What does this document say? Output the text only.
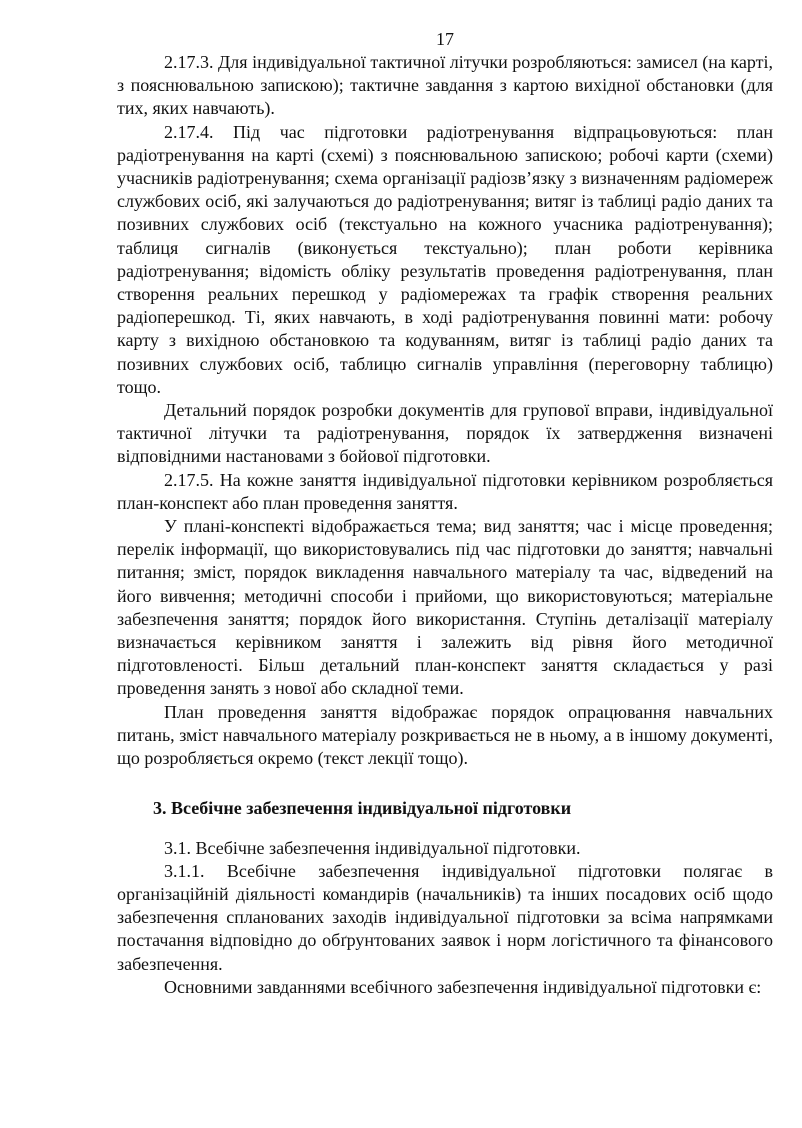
17

2.17.3. Для індивідуальної тактичної літучки розробляються: замисел (на карті, з пояснювальною запискою); тактичне завдання з картою вихідної обстановки (для тих, яких навчають).

2.17.4. Під час підготовки радіотренування відпрацьовуються: план радіотренування на карті (схемі) з пояснювальною запискою; робочі карти (схеми) учасників радіотренування; схема організації радіозв’язку з визначенням радіомереж службових осіб, які залучаються до радіотренування; витяг із таблиці радіо даних та позивних службових осіб (текстуально на кожного учасника радіотренування); таблиця сигналів (виконується текстуально); план роботи керівника радіотренування; відомість обліку результатів проведення радіотренування, план створення реальних перешкод у радіомережах та графік створення реальних радіоперешкод. Ті, яких навчають, в ході радіотренування повинні мати: робочу карту з вихідною обстановкою та кодуванням, витяг із таблиці радіо даних та позивних службових осіб, таблицю сигналів управління (переговорну таблицю) тощо.

Детальний порядок розробки документів для групової вправи, індивідуальної тактичної літучки та радіотренування, порядок їх затвердження визначені відповідними настановами з бойової підготовки.

2.17.5. На кожне заняття індивідуальної підготовки керівником розробляється план-конспект або план проведення заняття.

У плані-конспекті відображається тема; вид заняття; час і місце проведення; перелік інформації, що використовувались під час підготовки до заняття; навчальні питання; зміст, порядок викладення навчального матеріалу та час, відведений на його вивчення; методичні способи і прийоми, що використовуються; матеріальне забезпечення заняття; порядок його використання. Ступінь деталізації матеріалу визначається керівником заняття і залежить від рівня його методичної підготовленості. Більш детальний план-конспект заняття складається у разі проведення занять з нової або складної теми.

План проведення заняття відображає порядок опрацювання навчальних питань, зміст навчального матеріалу розкривається не в ньому, а в іншому документі, що розробляється окремо (текст лекції тощо).

3. Всебічне забезпечення індивідуальної підготовки

3.1. Всебічне забезпечення індивідуальної підготовки.

3.1.1. Всебічне забезпечення індивідуальної підготовки полягає в організаційній діяльності командирів (начальників) та інших посадових осіб щодо забезпечення спланованих заходів індивідуальної підготовки за всіма напрямками постачання відповідно до обґрунтованих заявок і норм логістичного та фінансового забезпечення.

Основними завданнями всебічного забезпечення індивідуальної підготовки є:
